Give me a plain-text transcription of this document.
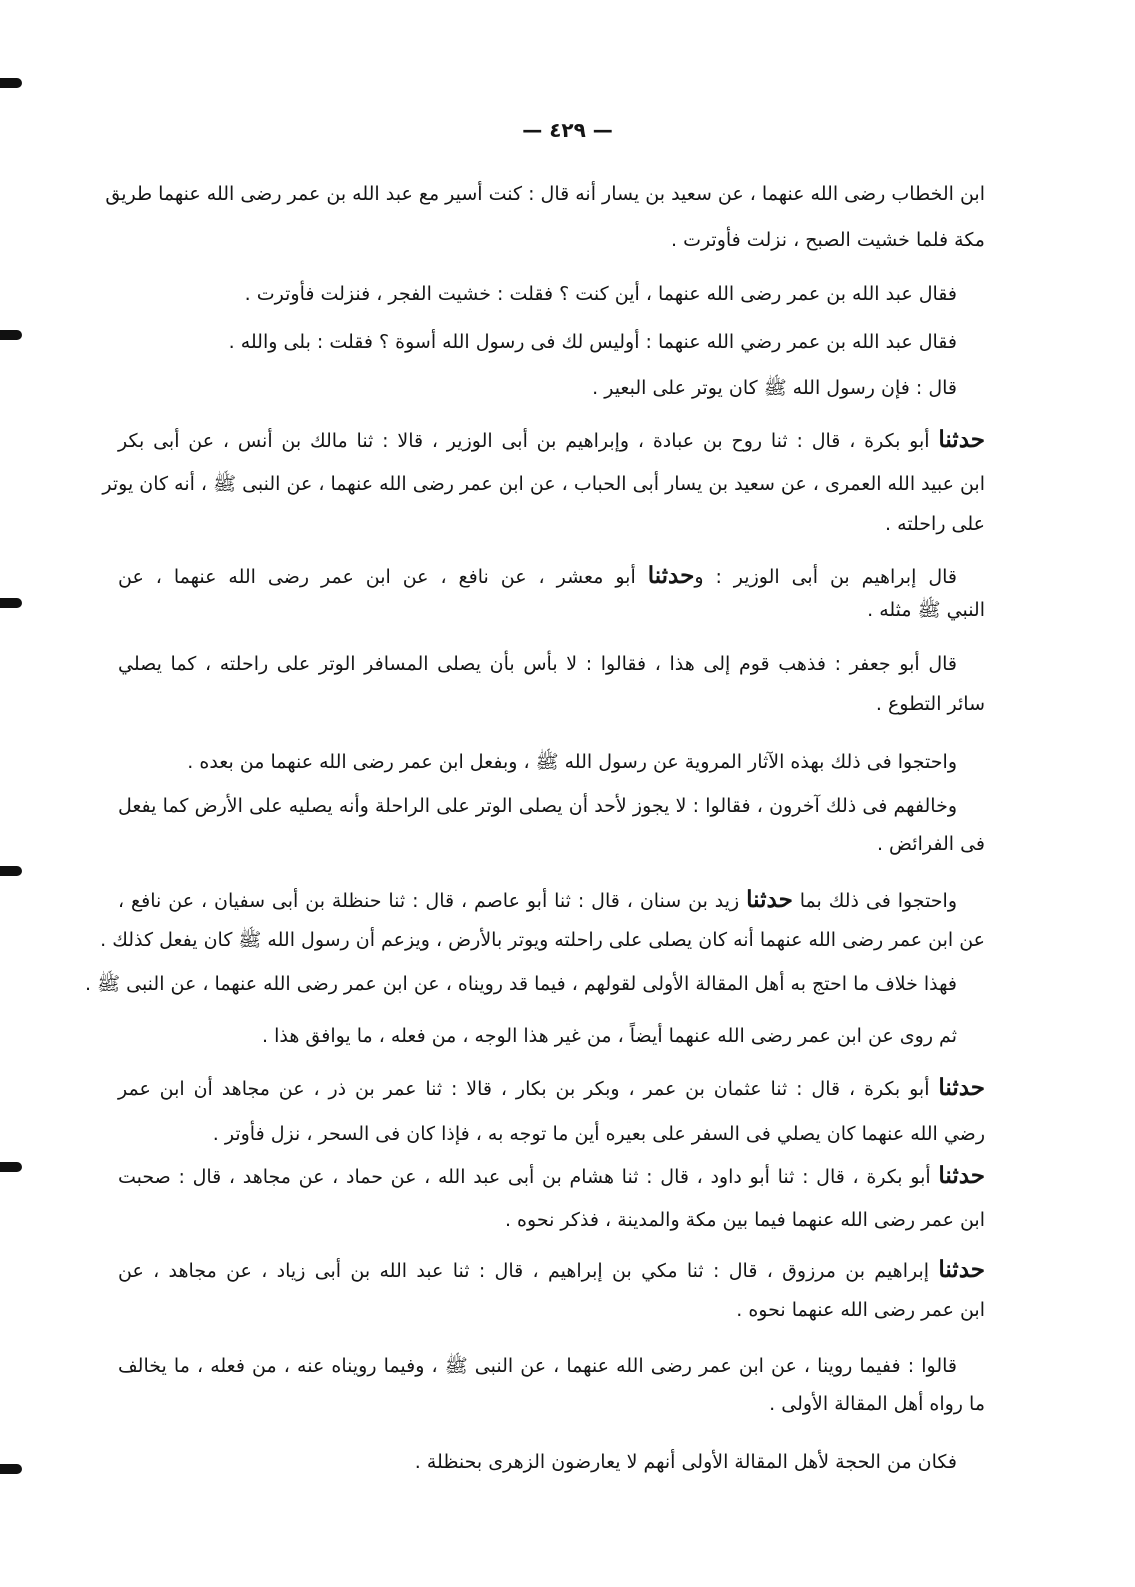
— ٤٢٩ —
ابن الخطاب رضى الله عنهما ، عن سعيد بن يسار أنه قال : كنت أسير مع عبد الله بن عمر رضى الله عنهما طريق
مكة فلما خشيت الصبح ، نزلت فأوترت .
فقال عبد الله بن عمر رضى الله عنهما ، أين كنت ؟ فقلت : خشيت الفجر ، فنزلت فأوترت .
فقال عبد الله بن عمر رضي الله عنهما : أوليس لك فى رسول الله أسوة ؟ فقلت : بلى والله .
قال : فإن رسول الله ﷺ كان يوتر على البعير .
حدثنا أبو بكرة ، قال : ثنا روح بن عبادة ، وإبراهيم بن أبى الوزير ، قالا : ثنا مالك بن أنس ، عن أبى بكر
ابن عبيد الله العمرى ، عن سعيد بن يسار أبى الحباب ، عن ابن عمر رضى الله عنهما ، عن النبى ﷺ ، أنه كان يوتر
على راحلته .
قال إبراهيم بن أبى الوزير : وحدثنا أبو معشر ، عن نافع ، عن ابن عمر رضى الله عنهما ، عن
النبي ﷺ مثله .
قال أبو جعفر : فذهب قوم إلى هذا ، فقالوا : لا بأس بأن يصلى المسافر الوتر على راحلته ، كما يصلي
سائر التطوع .
واحتجوا فى ذلك بهذه الآثار المروية عن رسول الله ﷺ ، وبفعل ابن عمر رضى الله عنهما من بعده .
وخالفهم فى ذلك آخرون ، فقالوا : لا يجوز لأحد أن يصلى الوتر على الراحلة وأنه يصليه على الأرض كما يفعل
فى الفرائض .
واحتجوا فى ذلك بما حدثنا زيد بن سنان ، قال : ثنا أبو عاصم ، قال : ثنا حنظلة بن أبى سفيان ، عن نافع ،
عن ابن عمر رضى الله عنهما أنه كان يصلى على راحلته ويوتر بالأرض ، ويزعم أن رسول الله ﷺ كان يفعل كذلك .
فهذا خلاف ما احتج به أهل المقالة الأولى لقولهم ، فيما قد رويناه ، عن ابن عمر رضى الله عنهما ، عن النبى ﷺ .
ثم روى عن ابن عمر رضى الله عنهما أيضاً ، من غير هذا الوجه ، من فعله ، ما يوافق هذا .
حدثنا أبو بكرة ، قال : ثنا عثمان بن عمر ، وبكر بن بكار ، قالا : ثنا عمر بن ذر ، عن مجاهد أن ابن عمر
رضي الله عنهما كان يصلي فى السفر على بعيره أين ما توجه به ، فإذا كان فى السحر ، نزل فأوتر .
حدثنا أبو بكرة ، قال : ثنا أبو داود ، قال : ثنا هشام بن أبى عبد الله ، عن حماد ، عن مجاهد ، قال : صحبت
ابن عمر رضى الله عنهما فيما بين مكة والمدينة ، فذكر نحوه .
حدثنا إبراهيم بن مرزوق ، قال : ثنا مكي بن إبراهيم ، قال : ثنا عبد الله بن أبى زياد ، عن مجاهد ، عن
ابن عمر رضى الله عنهما نحوه .
قالوا : ففيما روينا ، عن ابن عمر رضى الله عنهما ، عن النبى ﷺ ، وفيما رويناه عنه ، من فعله ، ما يخالف
ما رواه أهل المقالة الأولى .
فكان من الحجة لأهل المقالة الأولى أنهم لا يعارضون الزهرى بحنظلة .
